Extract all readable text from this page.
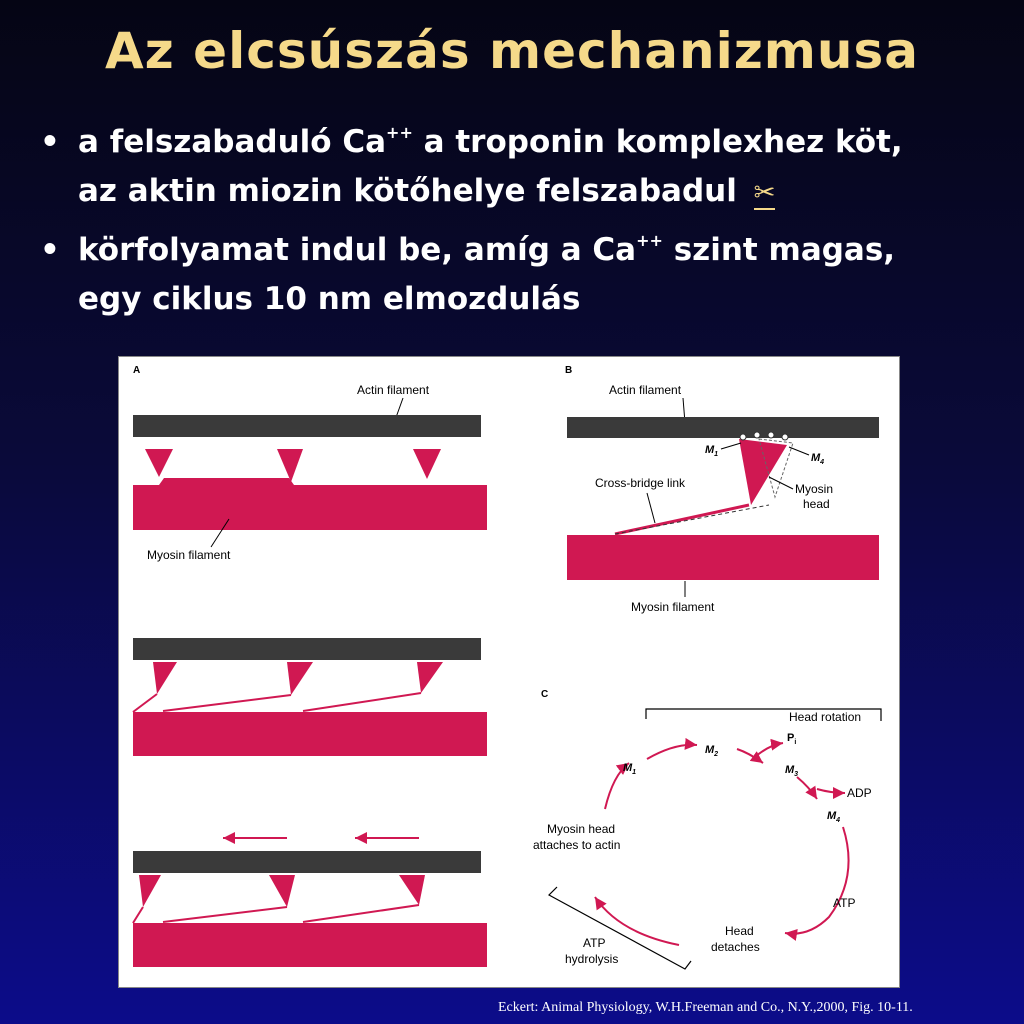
Az elcsúszás mechanizmusa
• a felszabaduló Ca++ a troponin komplexhez köt,
az aktin miozin kötőhelye felszabadul ✂
• körfolyamat indul be, amíg a Ca++ szint magas,
egy ciklus 10 nm elmozdulás
A
Actin filament
Myosin filament
B
Actin filament
$M_1$	$M_4$
Cross-bridge link	Myosin
head
Myosin filament
C
Head rotation
$M_1$
$M_2$
$P_i$
$M_3$
ADP
$M_4$
ATP
Myosin head
attaches to actin
Head
detaches
ATP
hydrolysis
Eckert: Animal Physiology, W.H.Freeman and Co., N.Y.,2000, Fig. 10-11.
